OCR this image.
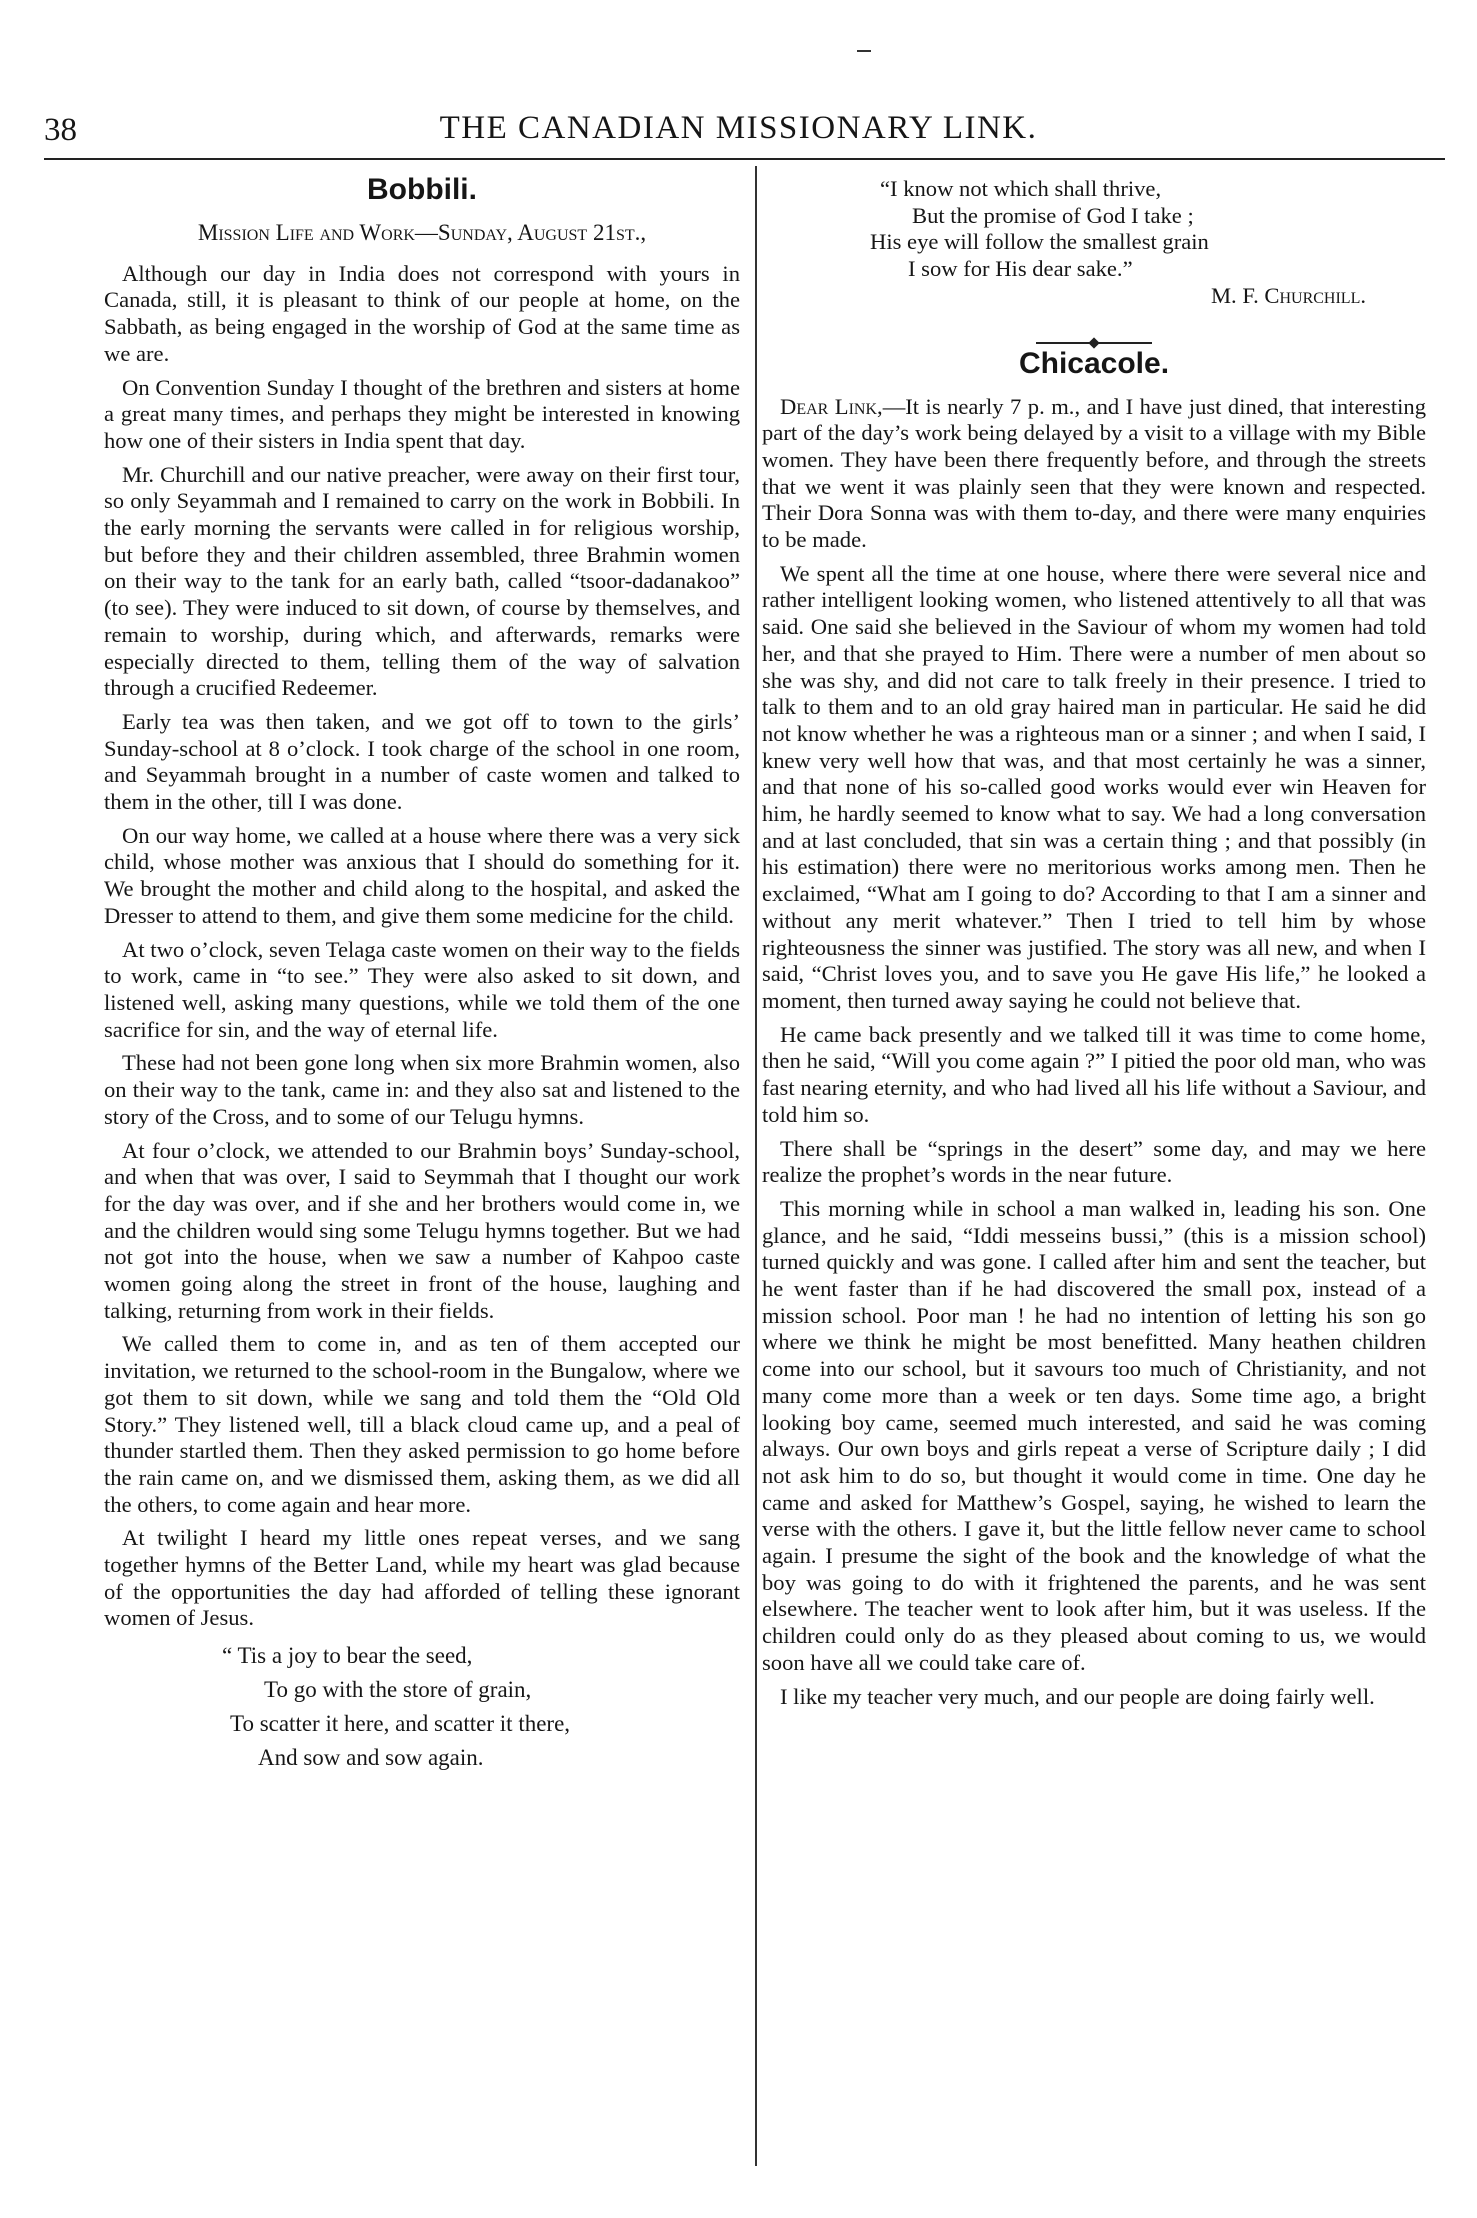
38	THE CANADIAN MISSIONARY LINK.
Bobbili.
Mission Life and Work—Sunday, August 21st.,

Although our day in India does not correspond with yours in Canada, still, it is pleasant to think of our people at home, on the Sabbath, as being engaged in the worship of God at the same time as we are.

On Convention Sunday I thought of the brethren and sisters at home a great many times, and perhaps they might be interested in knowing how one of their sisters in India spent that day.

Mr. Churchill and our native preacher, were away on their first tour, so only Seyammah and I remained to carry on the work in Bobbili. In the early morning the servants were called in for religious worship, but before they and their children assembled, three Brahmin women on their way to the tank for an early bath, called “tsoor-dadanakoo” (to see). They were induced to sit down, of course by themselves, and remain to worship, during which, and afterwards, remarks were especially directed to them, telling them of the way of salvation through a crucified Redeemer.

Early tea was then taken, and we got off to town to the girls’ Sunday-school at 8 o’clock. I took charge of the school in one room, and Seyammah brought in a number of caste women and talked to them in the other, till I was done.

On our way home, we called at a house where there was a very sick child, whose mother was anxious that I should do something for it. We brought the mother and child along to the hospital, and asked the Dresser to attend to them, and give them some medicine for the child.

At two o’clock, seven Telaga caste women on their way to the fields to work, came in “to see.” They were also asked to sit down, and listened well, asking many questions, while we told them of the one sacrifice for sin, and the way of eternal life.

These had not been gone long when six more Brahmin women, also on their way to the tank, came in: and they also sat and listened to the story of the Cross, and to some of our Telugu hymns.

At four o’clock, we attended to our Brahmin boys’ Sunday-school, and when that was over, I said to Seymmah that I thought our work for the day was over, and if she and her brothers would come in, we and the children would sing some Telugu hymns together. But we had not got into the house, when we saw a number of Kahpoo caste women going along the street in front of the house, laughing and talking, returning from work in their fields.

We called them to come in, and as ten of them accepted our invitation, we returned to the school-room in the Bungalow, where we got them to sit down, while we sang and told them the “Old Old Story.” They listened well, till a black cloud came up, and a peal of thunder startled them. Then they asked permission to go home before the rain came on, and we dismissed them, asking them, as we did all the others, to come again and hear more.

At twilight I heard my little ones repeat verses, and we sang together hymns of the Better Land, while my heart was glad because of the opportunities the day had afforded of telling these ignorant women of Jesus.

“ Tis a joy to bear the seed,
To go with the store of grain,
To scatter it here, and scatter it there,
And sow and sow again.
“I know not which shall thrive,
But the promise of God I take ;
His eye will follow the smallest grain
I sow for His dear sake.”
M. F. Churchill.
Chicacole.

Dear Link,—It is nearly 7 p. m., and I have just dined, that interesting part of the day’s work being delayed by a visit to a village with my Bible women. They have been there frequently before, and through the streets that we went it was plainly seen that they were known and respected. Their Dora Sonna was with them to-day, and there were many enquiries to be made.

We spent all the time at one house, where there were several nice and rather intelligent looking women, who listened attentively to all that was said. One said she believed in the Saviour of whom my women had told her, and that she prayed to Him. There were a number of men about so she was shy, and did not care to talk freely in their presence. I tried to talk to them and to an old gray haired man in particular. He said he did not know whether he was a righteous man or a sinner ; and when I said, I knew very well how that was, and that most certainly he was a sinner, and that none of his so-called good works would ever win Heaven for him, he hardly seemed to know what to say. We had a long conversation and at last concluded, that sin was a certain thing ; and that possibly (in his estimation) there were no meritorious works among men. Then he exclaimed, “What am I going to do? According to that I am a sinner and without any merit whatever.” Then I tried to tell him by whose righteousness the sinner was justified. The story was all new, and when I said, “Christ loves you, and to save you He gave His life,” he looked a moment, then turned away saying he could not believe that.

He came back presently and we talked till it was time to come home, then he said, “Will you come again ?” I pitied the poor old man, who was fast nearing eternity, and who had lived all his life without a Saviour, and told him so.

There shall be “springs in the desert” some day, and may we here realize the prophet’s words in the near future.

This morning while in school a man walked in, leading his son. One glance, and he said, “Iddi messeins bussi,” (this is a mission school) turned quickly and was gone. I called after him and sent the teacher, but he went faster than if he had discovered the small pox, instead of a mission school. Poor man ! he had no intention of letting his son go where we think he might be most benefitted. Many heathen children come into our school, but it savours too much of Christianity, and not many come more than a week or ten days. Some time ago, a bright looking boy came, seemed much interested, and said he was coming always. Our own boys and girls repeat a verse of Scripture daily ; I did not ask him to do so, but thought it would come in time. One day he came and asked for Matthew’s Gospel, saying, he wished to learn the verse with the others. I gave it, but the little fellow never came to school again. I presume the sight of the book and the knowledge of what the boy was going to do with it frightened the parents, and he was sent elsewhere. The teacher went to look after him, but it was useless. If the children could only do as they pleased about coming to us, we would soon have all we could take care of.

I like my teacher very much, and our people are doing fairly well.
